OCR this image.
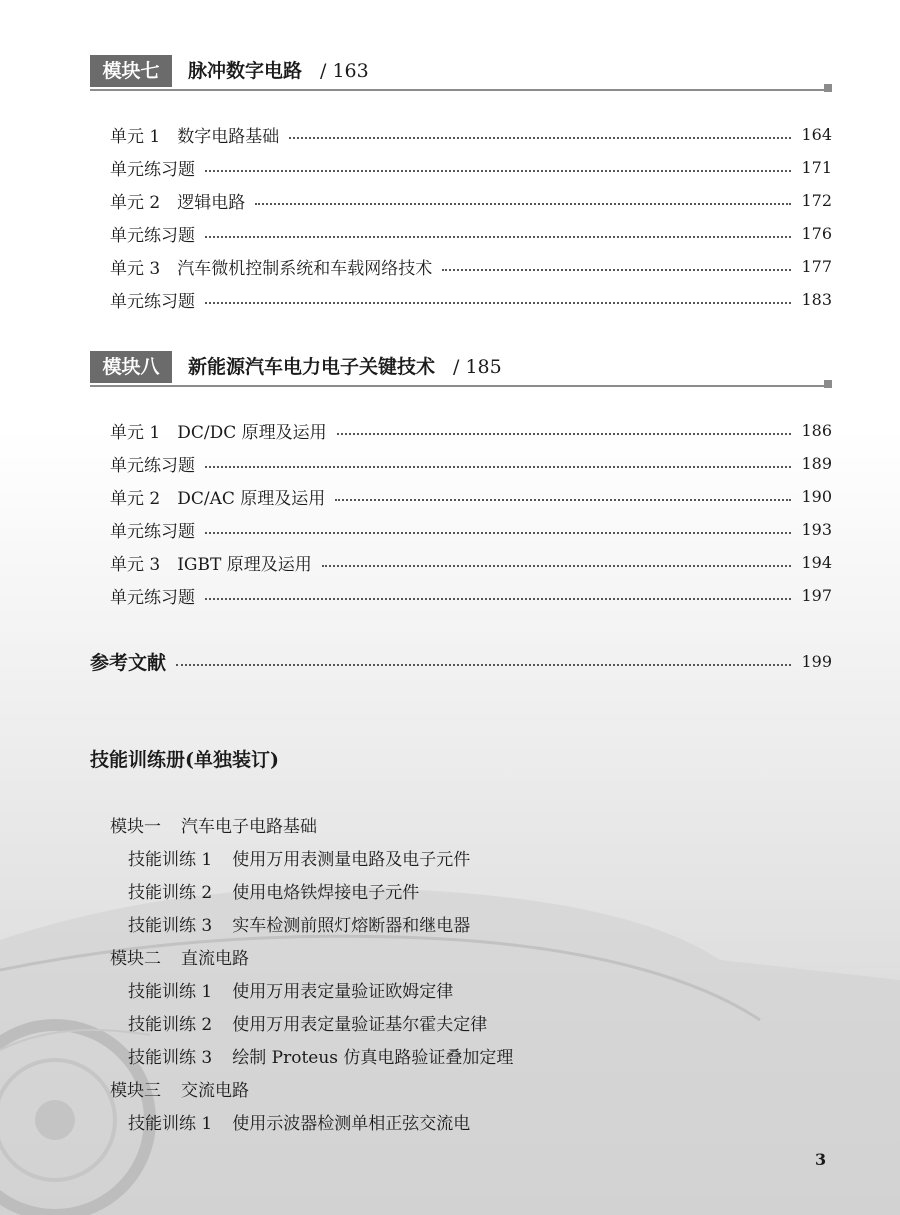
模块七	脉冲数字电路 / 163
单元 1　数字电路基础	164
单元练习题	171
单元 2　逻辑电路	172
单元练习题	176
单元 3　汽车微机控制系统和车载网络技术	177
单元练习题	183
模块八	新能源汽车电力电子关键技术 / 185
单元 1　DC/DC 原理及运用	186
单元练习题	189
单元 2　DC/AC 原理及运用	190
单元练习题	193
单元 3　IGBT 原理及运用	194
单元练习题	197
参考文献	199
技能训练册(单独装订)
模块一 汽车电子电路基础
技能训练 1 使用万用表测量电路及电子元件
技能训练 2 使用电烙铁焊接电子元件
技能训练 3 实车检测前照灯熔断器和继电器
模块二 直流电路
技能训练 1 使用万用表定量验证欧姆定律
技能训练 2 使用万用表定量验证基尔霍夫定律
技能训练 3 绘制 Proteus 仿真电路验证叠加定理
模块三 交流电路
技能训练 1 使用示波器检测单相正弦交流电
3
